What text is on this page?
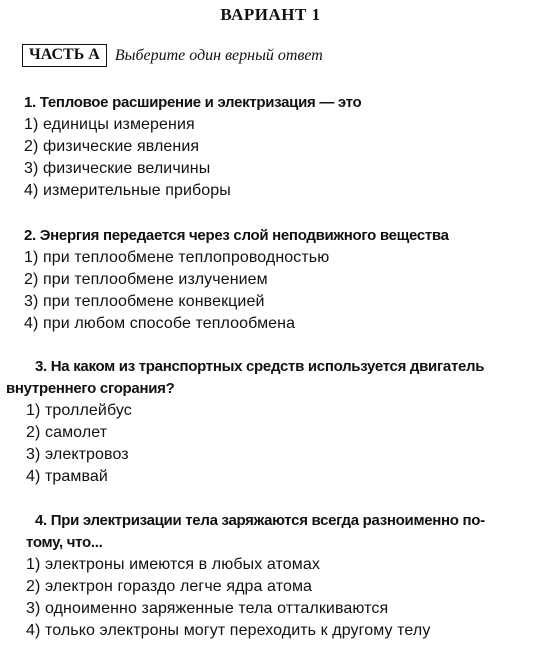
ВАРИАНТ 1
ЧАСТЬ А Выберите один верный ответ

1. Тепловое расширение и электризация — это

1) единицы измерения

2) физические явления

3) физические величины

4) измерительные приборы

2. Энергия передается через слой неподвижного вещества

1) при теплообмене теплопроводностью

2) при теплообмене излучением

3) при теплообмене конвекцией

4) при любом способе теплообмена

3. На каком из транспортных средств используется двигатель
внутреннего сгорания?

1) троллейбус

2) самолет

3) электровоз

4) трамвай

4. При электризации тела заряжаются всегда разноименно по-
тому, что...

1) электроны имеются в любых атомах

2) электрон гораздо легче ядра атома

3) одноименно заряженные тела отталкиваются

4) только электроны могут переходить к другому телу
